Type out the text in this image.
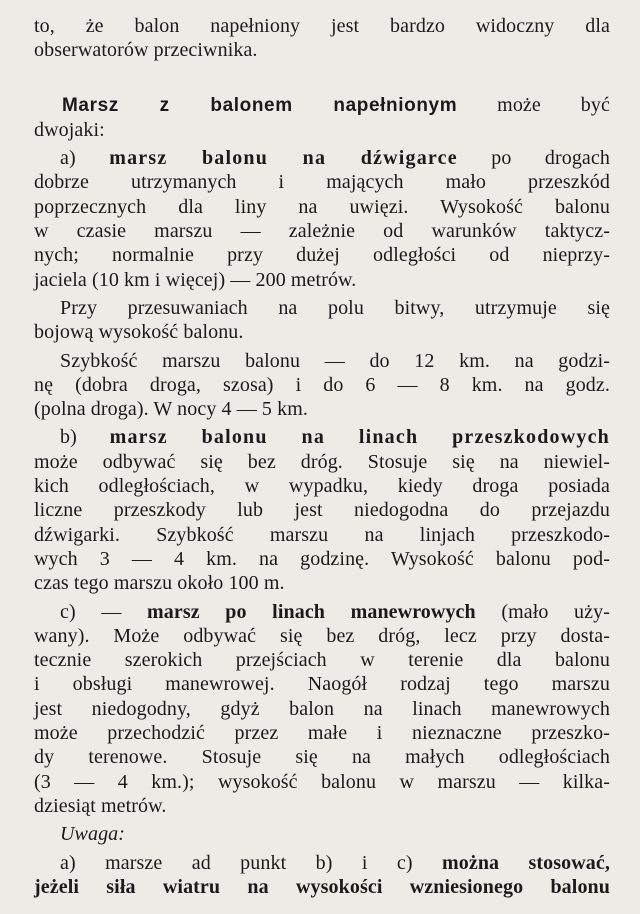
to, że balon napełniony jest bardzo widoczny dla
obserwatorów przeciwnika.

Marsz z balonem napełnionym może być
dwojaki:

a) marsz balonu na dźwigarce po drogach
dobrze utrzymanych i mających mało przeszkód
poprzecznych dla liny na uwięzi. Wysokość balonu
w czasie marszu — zależnie od warunków taktycz-
nych; normalnie przy dużej odległości od nieprzy-
jaciela (10 km i więcej) — 200 metrów.

Przy przesuwaniach na polu bitwy, utrzymuje się
bojową wysokość balonu.

Szybkość marszu balonu — do 12 km. na godzi-
nę (dobra droga, szosa) i do 6 — 8 km. na godz.
(polna droga). W nocy 4 — 5 km.

b) marsz balonu na linach przeszkodowych
może odbywać się bez dróg. Stosuje się na niewiel-
kich odległościach, w wypadku, kiedy droga posiada
liczne przeszkody lub jest niedogodna do przejazdu
dźwigarki. Szybkość marszu na linjach przeszkodo-
wych 3 — 4 km. na godzinę. Wysokość balonu pod-
czas tego marszu około 100 m.

c) — marsz po linach manewrowych (mało uży-
wany). Może odbywać się bez dróg, lecz przy dosta-
tecznie szerokich przejściach w terenie dla balonu
i obsługi manewrowej. Naogół rodzaj tego marszu
jest niedogodny, gdyż balon na linach manewrowych
może przechodzić przez małe i nieznaczne przeszko-
dy terenowe. Stosuje się na małych odległościach
(3 — 4 km.); wysokość balonu w marszu — kilka-
dziesiąt metrów.

Uwaga:

a) marsze ad punkt b) i c) można stosować,
jeżeli siła wiatru na wysokości wzniesionego balonu
